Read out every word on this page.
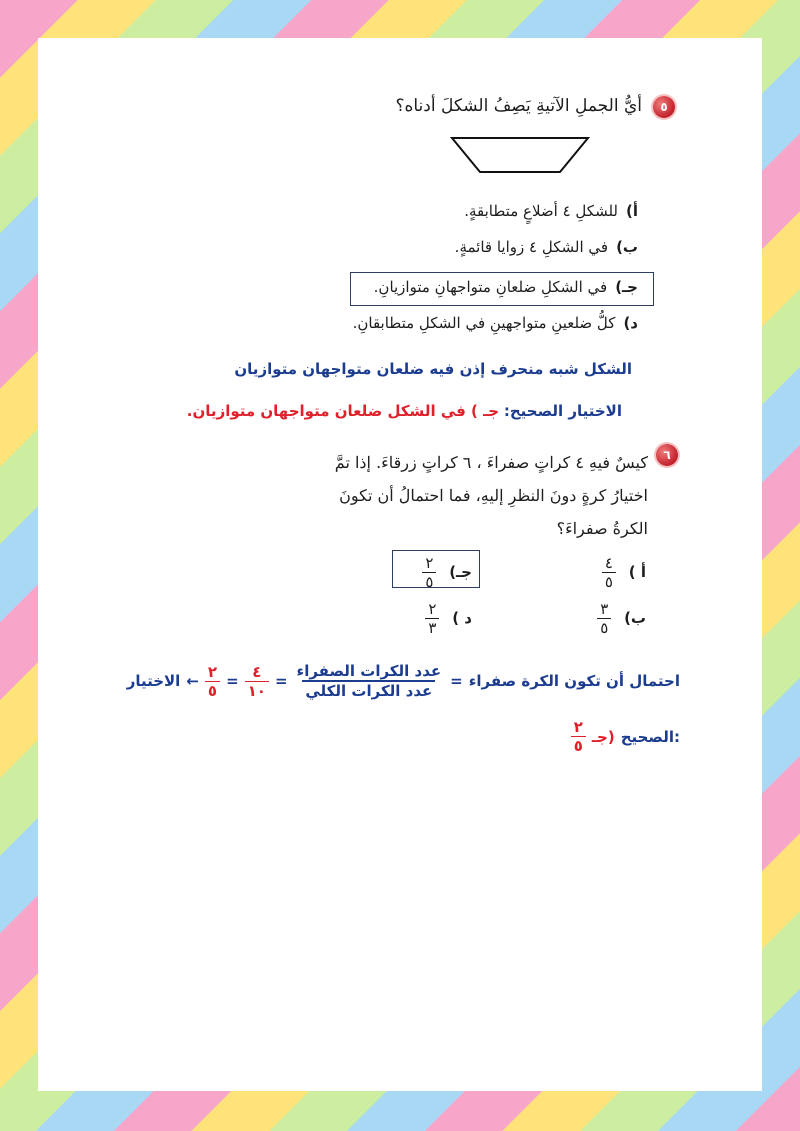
٥
أيُّ الجملِ الآتيةِ يَصِفُ الشكلَ أدناه؟
أ)للشكلِ ٤ أضلاعٍ متطابقةٍ.
ب)في الشكلِ ٤ زوايا قائمةٍ.
جـ)في الشكلِ ضلعانِ متواجهانِ متوازيانِ.
د)كلُّ ضلعينِ متواجهينِ في الشكلِ متطابقانِ.
الشكل شبه منحرف إذن فيه ضلعان متواجهان متوازيان
الاختيار الصحيح: جـ ) في الشكل ضلعان متواجهان متوازيان.
٦
كيسٌ فيهِ ٤ كراتٍ صفراءَ ، ٦ كراتٍ زرقاءَ. إذا تمَّ
اختيارُ كرةٍ دونَ النظرِ إليهِ، فما احتمالُ أن تكونَ
الكرةُ صفراءَ؟
أ )
$\frac{٤}{٥}$
جـ)
$\frac{٢}{٥}$
ب)
$\frac{٣}{٥}$
د )
$\frac{٢}{٣}$
احتمال أن تكون الكرة صفراء
=
$\frac{\text{عدد الكرات الصفراء}}{\text{عدد الكرات الكلي}}$
=
$\frac{٤}{١٠}$
=
$\frac{٢}{٥}$
←
الاختيار
الصحيح:
جـ)
$\frac{٢}{٥}$
